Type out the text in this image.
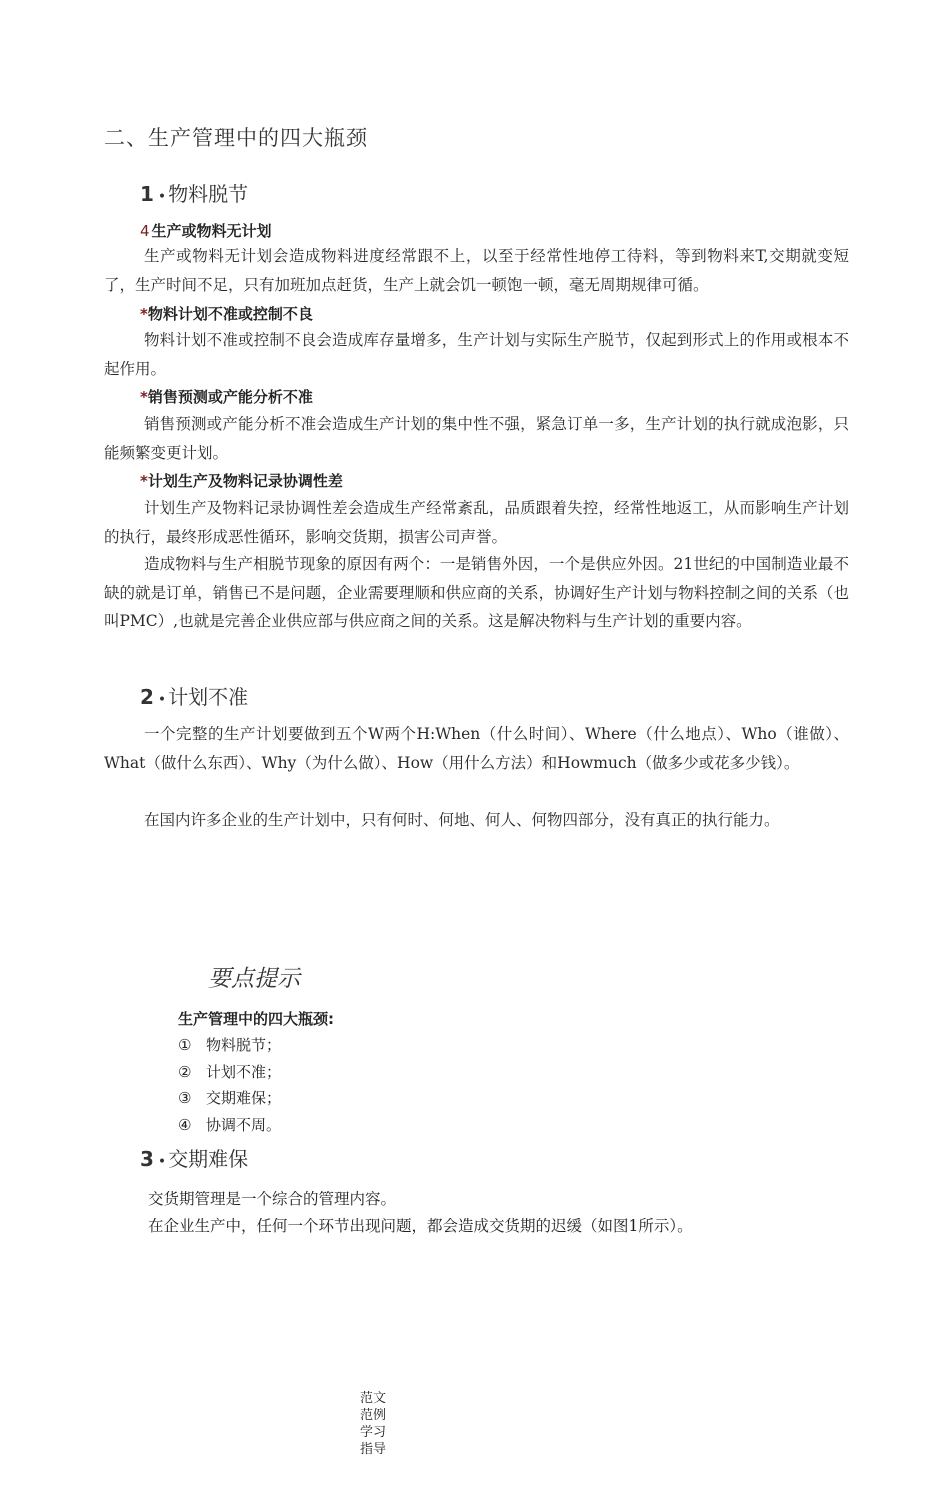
二、生产管理中的四大瓶颈
1 • 物料脱节
4 生产或物料无计划
生产或物料无计划会造成物料进度经常跟不上，以至于经常性地停工待料，等到物料来T,交期就变短了，生产时间不足，只有加班加点赶货，生产上就会饥一顿饱一顿，毫无周期规律可循。
*物料计划不准或控制不良
物料计划不准或控制不良会造成库存量增多，生产计划与实际生产脱节，仅起到形式上的作用或根本不起作用。
*销售预测或产能分析不准
销售预测或产能分析不准会造成生产计划的集中性不强，紧急订单一多，生产计划的执行就成泡影，只能频繁变更计划。
*计划生产及物料记录协调性差
计划生产及物料记录协调性差会造成生产经常紊乱，品质跟着失控，经常性地返工，从而影响生产计划的执行，最终形成恶性循环，影响交货期，损害公司声誉。
造成物料与生产相脱节现象的原因有两个：一是销售外因，一个是供应外因。21世纪的中国制造业最不缺的就是订单，销售已不是问题，企业需要理顺和供应商的关系，协调好生产计划与物料控制之间的关系（也叫PMC）,也就是完善企业供应部与供应商之间的关系。这是解决物料与生产计划的重要内容。
2 • 计划不准
一个完整的生产计划要做到五个W两个H:When（什么时间）、Where（什么地点）、Who（谁做）、What（做什么东西）、Why（为什么做）、How（用什么方法）和Howmuch（做多少或花多少钱）。
在国内许多企业的生产计划中，只有何时、何地、何人、何物四部分，没有真正的执行能力。
要点提示
生产管理中的四大瓶颈:
① 物料脱节；
② 计划不准；
③ 交期难保；
④ 协调不周。
3 • 交期难保
交货期管理是一个综合的管理内容。
在企业生产中，任何一个环节出现问题，都会造成交货期的迟缓（如图1所示）。
范文
范例
学习
指导
